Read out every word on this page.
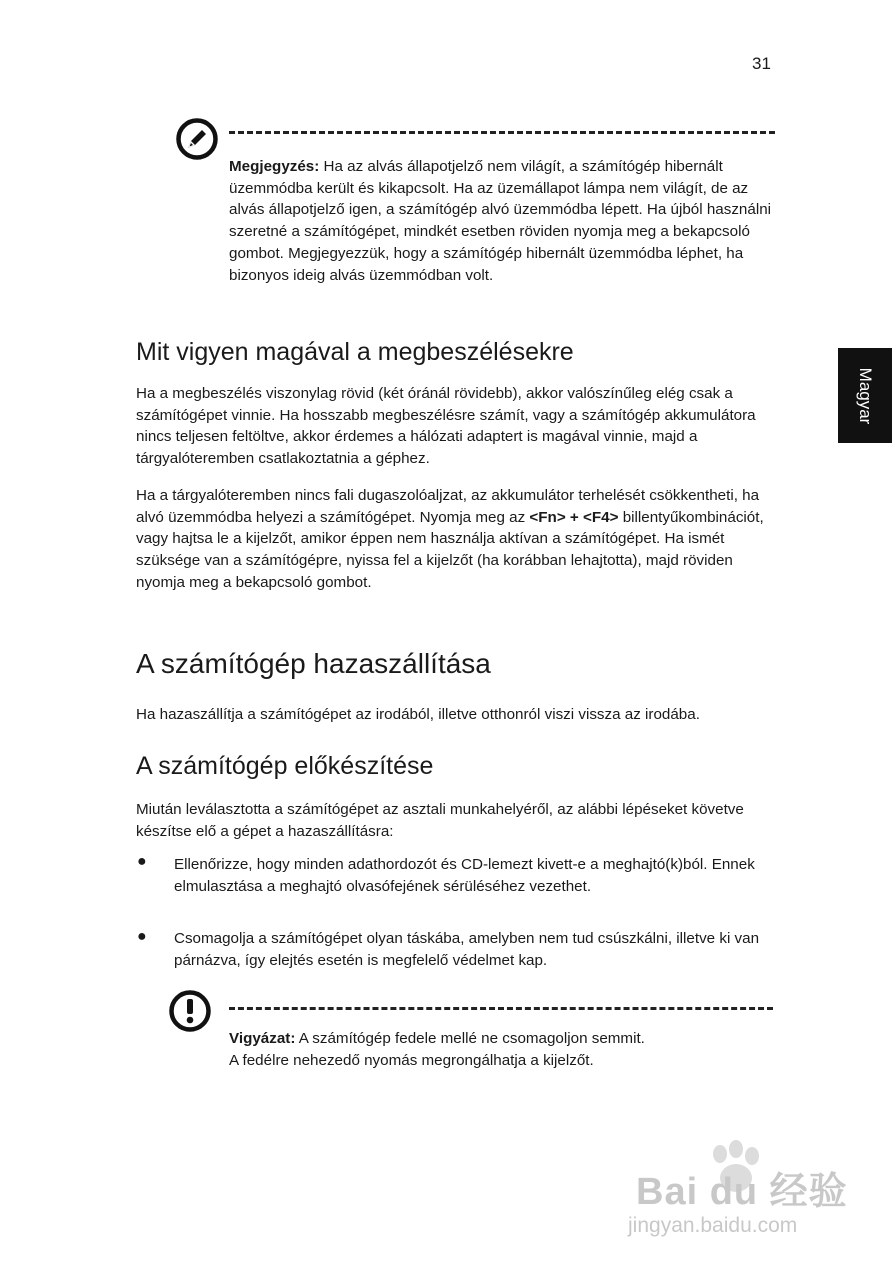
31
Magyar
Megjegyzés: Ha az alvás állapotjelző nem világít, a számítógép hibernált üzemmódba került és kikapcsolt. Ha az üzemállapot lámpa nem világít, de az alvás állapotjelző igen, a számítógép alvó üzemmódba lépett. Ha újból használni szeretné a számítógépet, mindkét esetben röviden nyomja meg a bekapcsoló gombot. Megjegyezzük, hogy a számítógép hibernált üzemmódba léphet, ha bizonyos ideig alvás üzemmódban volt.
Mit vigyen magával a megbeszélésekre

Ha a megbeszélés viszonylag rövid (két óránál rövidebb), akkor valószínűleg elég csak a számítógépet vinnie. Ha hosszabb megbeszélésre számít, vagy a számítógép akkumulátora nincs teljesen feltöltve, akkor érdemes a hálózati adaptert is magával vinnie, majd a tárgyalóteremben csatlakoztatnia a géphez.

Ha a tárgyalóteremben nincs fali dugaszolóaljzat, az akkumulátor terhelését csökkentheti, ha alvó üzemmódba helyezi a számítógépet. Nyomja meg az <Fn> + <F4> billentyűkombinációt, vagy hajtsa le a kijelzőt, amikor éppen nem használja aktívan a számítógépet. Ha ismét szüksége van a számítógépre, nyissa fel a kijelzőt (ha korábban lehajtotta), majd röviden nyomja meg a bekapcsoló gombot.

A számítógép hazaszállítása

Ha hazaszállítja a számítógépet az irodából, illetve otthonról viszi vissza az irodába.

A számítógép előkészítése

Miután leválasztotta a számítógépet az asztali munkahelyéről, az alábbi lépéseket követve készítse elő a gépet a hazaszállításra:

● Ellenőrizze, hogy minden adathordozót és CD-lemezt kivett-e a meghajtó(k)ból. Ennek elmulasztása a meghajtó olvasófejének sérüléséhez vezethet.

● Csomagolja a számítógépet olyan táskába, amelyben nem tud csúszkálni, illetve ki van párnázva, így elejtés esetén is megfelelő védelmet kap.

Vigyázat: A számítógép fedele mellé ne csomagoljon semmit.
A fedélre nehezedő nyomás megrongálhatja a kijelzőt.
Bai du 经验
jingyan.baidu.com
